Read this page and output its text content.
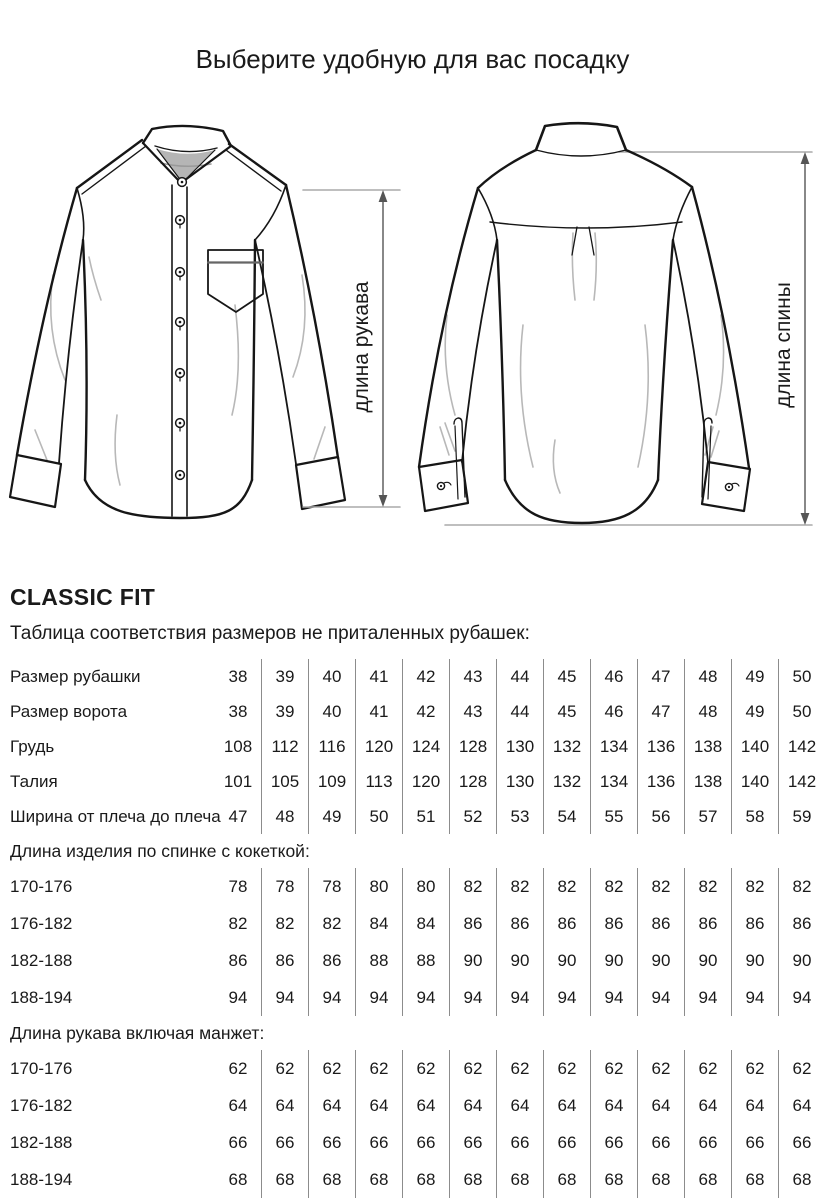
Выберите удобную для вас посадку
длина рукава	длина спины
CLASSIC FIT
Таблица соответствия размеров не приталенных рубашек:
Размер рубашки	38	39	40	41	42	43	44	45	46	47	48	49	50
Размер ворота	38	39	40	41	42	43	44	45	46	47	48	49	50
Грудь	108	112	116	120	124	128	130	132	134	136	138	140	142
Талия	101	105	109	113	120	128	130	132	134	136	138	140	142
Ширина от плеча до плеча 47	48	49	50	51	52	53	54	55	56	57	58	59
Длина изделия по спинке с кокеткой:
170-176	78	78	78	80	80	82	82	82	82	82	82	82	82
176-182	82	82	82	84	84	86	86	86	86	86	86	86	86
182-188	86	86	86	88	88	90	90	90	90	90	90	90	90
188-194	94	94	94	94	94	94	94	94	94	94	94	94	94
Длина рукава включая манжет:
170-176	62	62	62	62	62	62	62	62	62	62	62	62	62
176-182	64	64	64	64	64	64	64	64	64	64	64	64	64
182-188	66	66	66	66	66	66	66	66	66	66	66	66	66
188-194	68	68	68	68	68	68	68	68	68	68	68	68	68
